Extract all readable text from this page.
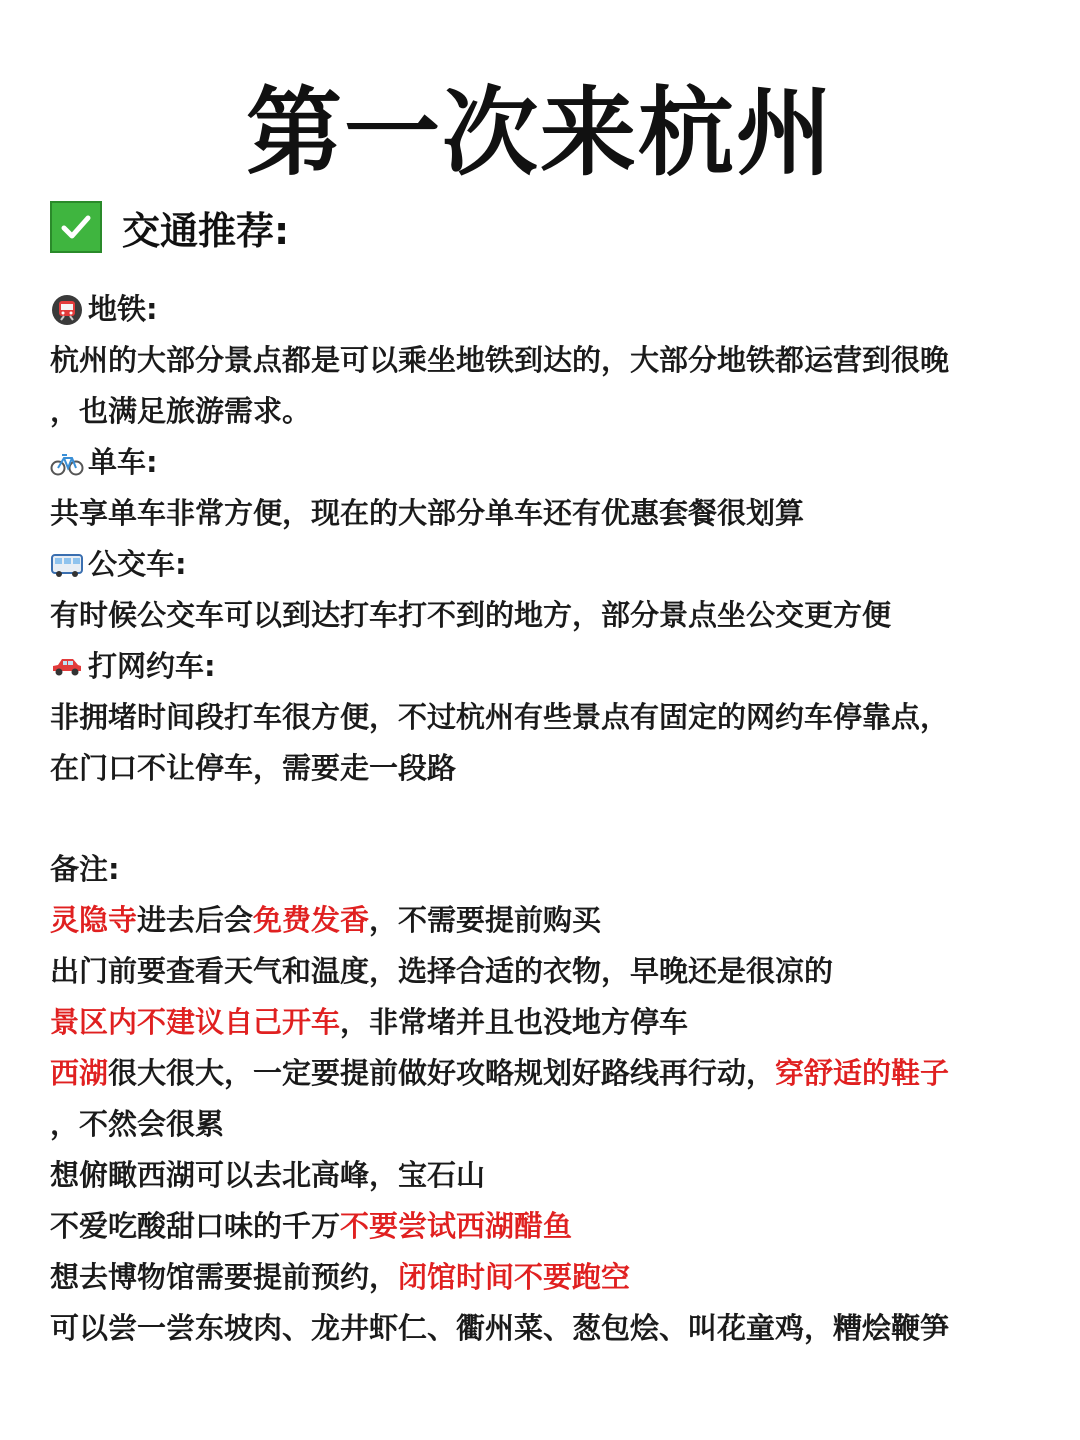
第一次来杭州
交通推荐:
地铁:
杭州的大部分景点都是可以乘坐地铁到达的，大部分地铁都运营到很晚
，也满足旅游需求。
单车:
共享单车非常方便，现在的大部分单车还有优惠套餐很划算
公交车:
有时候公交车可以到达打车打不到的地方，部分景点坐公交更方便
打网约车:
非拥堵时间段打车很方便，不过杭州有些景点有固定的网约车停靠点，
在门口不让停车，需要走一段路
备注:
灵隐寺 进去后会 免费发香 ，不需要提前购买
出门前要查看天气和温度，选择合适的衣物，早晚还是很凉的
景区内不建议自己开车 ，非常堵并且也没地方停车
西湖 很大很大，一定要提前做好攻略规划好路线再行动， 穿舒适的鞋子
，不然会很累
想俯瞰西湖可以去北高峰，宝石山
不爱吃酸甜口味的千万 不要尝试西湖醋鱼
想去博物馆需要提前预约， 闭馆时间不要跑空
可以尝一尝东坡肉、龙井虾仁、衢州菜、葱包烩、叫花童鸡，糟烩鞭笋
